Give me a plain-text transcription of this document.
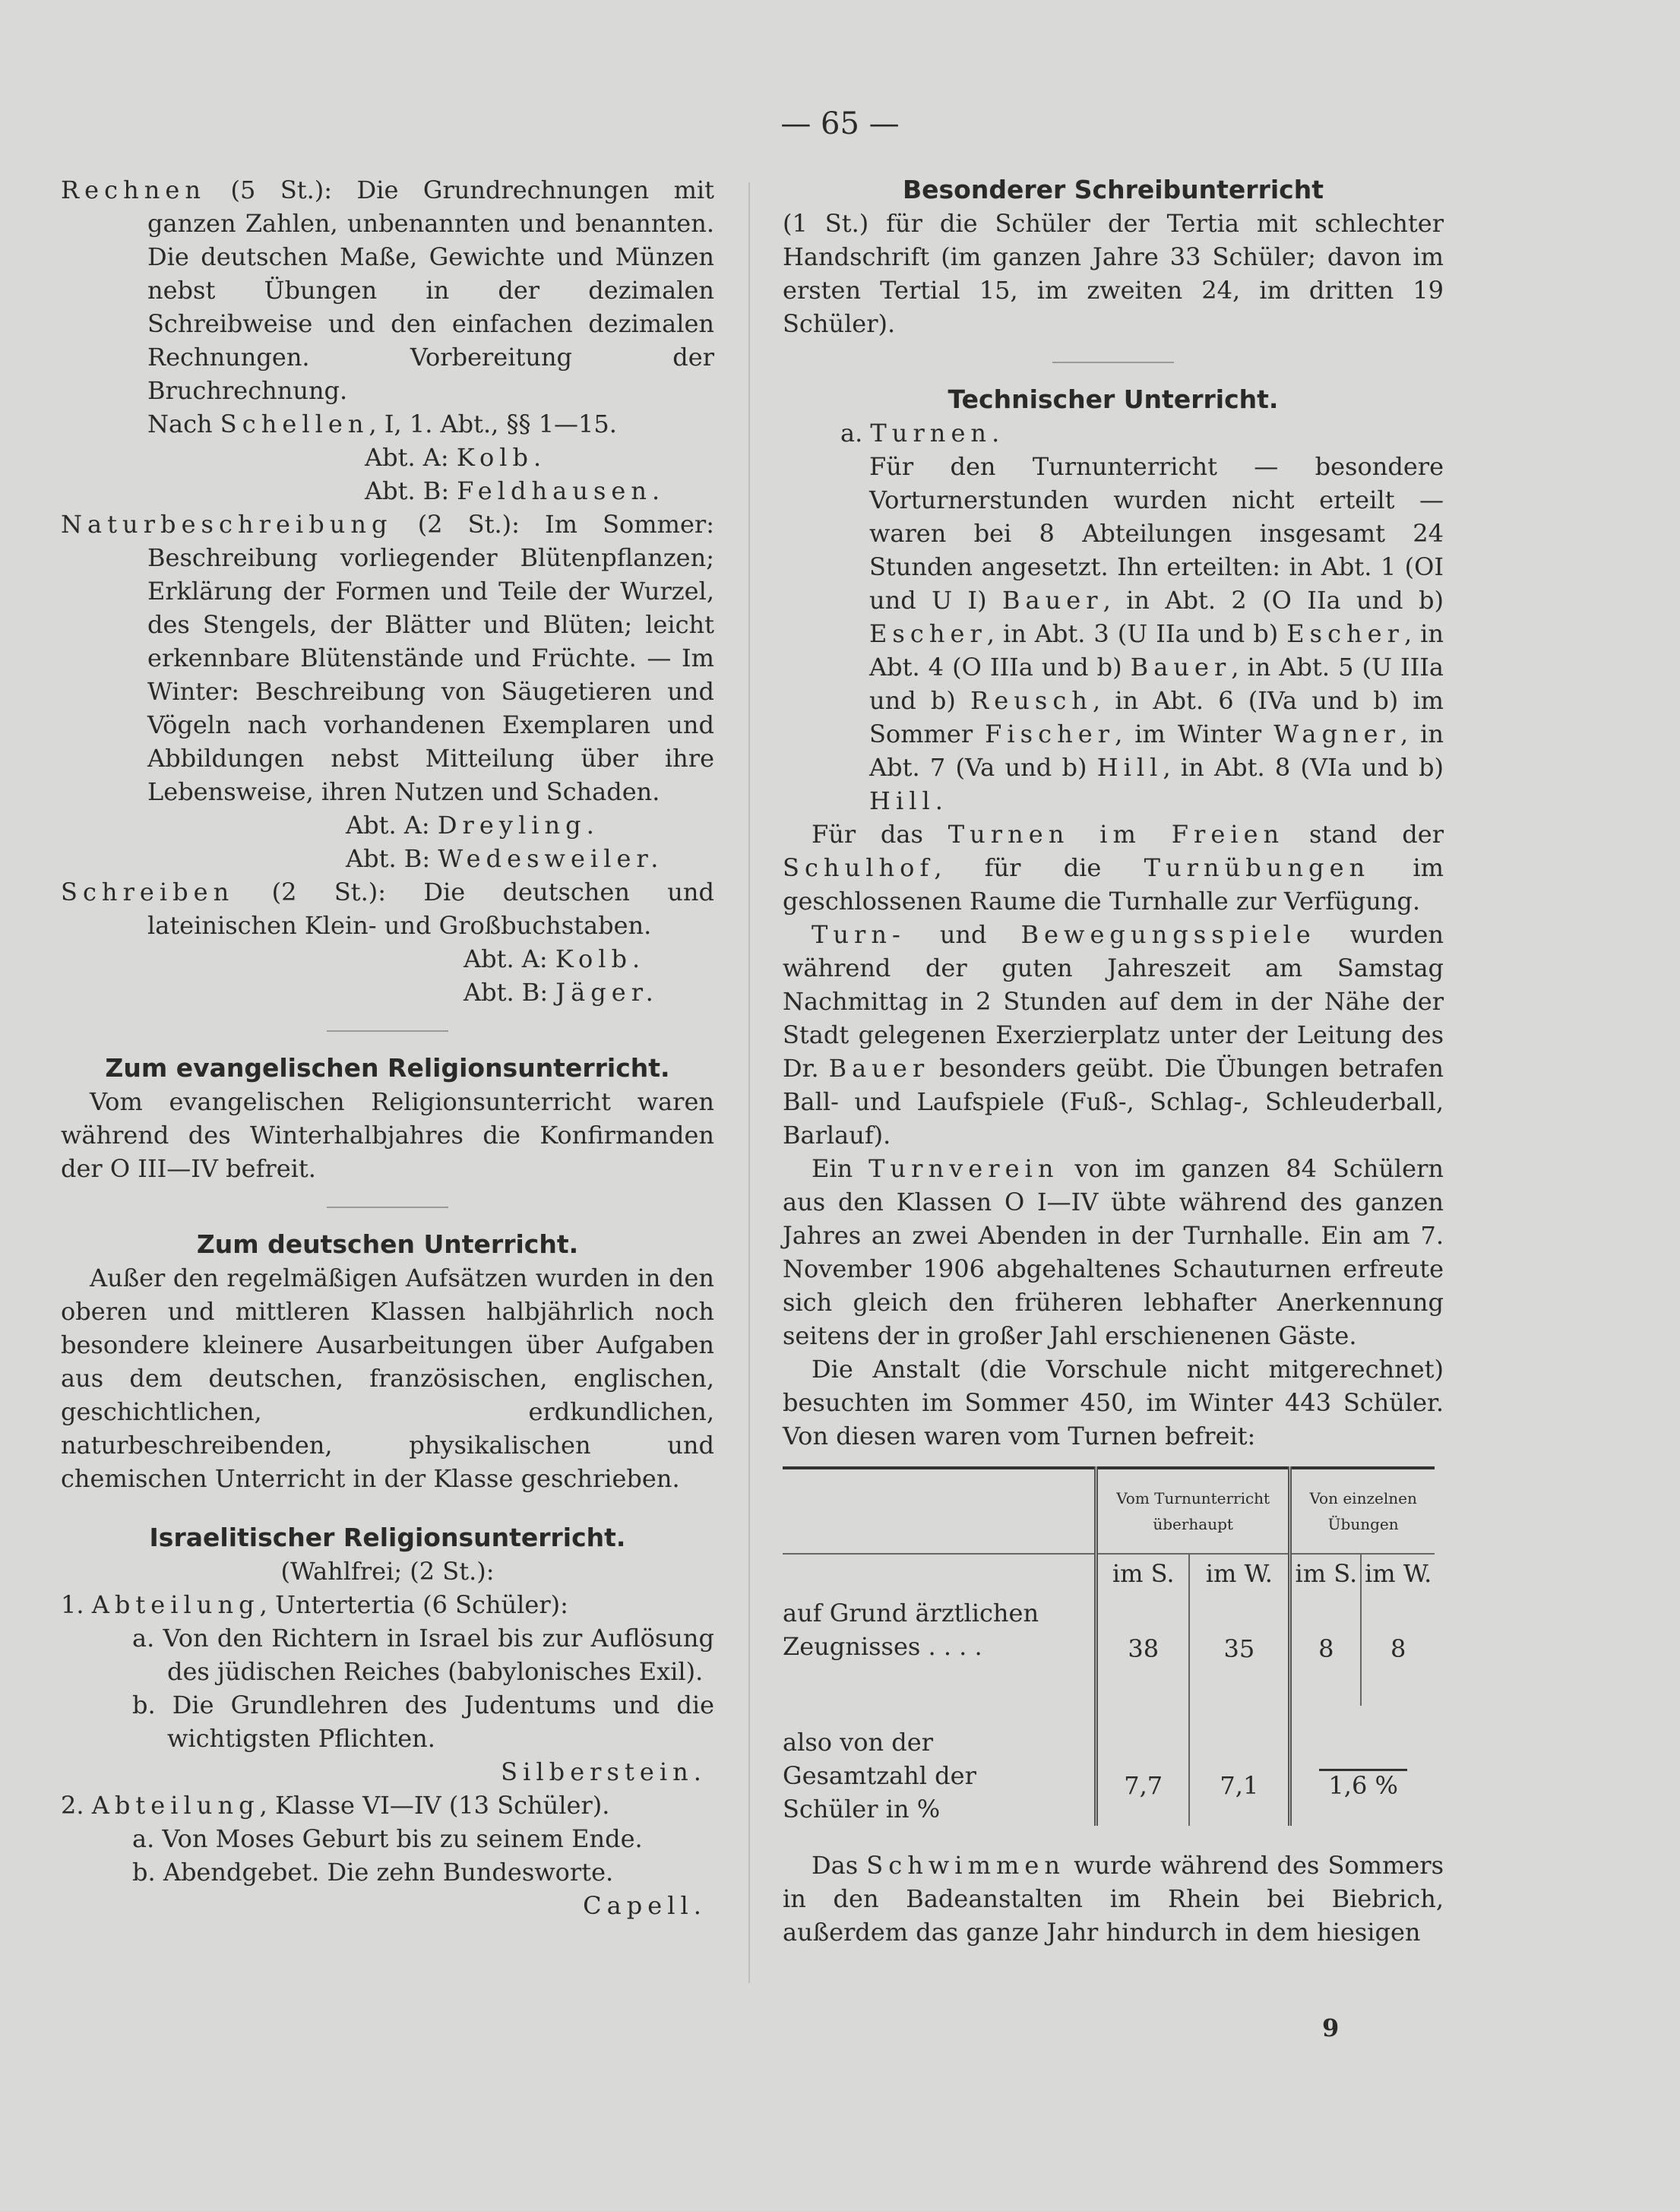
— 65 —

Rechnen (5 St.): Die Grundrechnungen mit ganzen Zahlen, unbenannten und benannten. Die deutschen Maße, Gewichte und Münzen nebst Übungen in der dezimalen Schreibweise und den einfachen dezimalen Rechnungen. Vorbereitung der Bruchrechnung.
Nach Schellen, I, 1. Abt., §§ 1—15.

Abt. A: Kolb.

Abt. B: Feldhausen.

Naturbeschreibung (2 St.): Im Sommer: Beschreibung vorliegender Blütenpflanzen; Erklärung der Formen und Teile der Wurzel, des Stengels, der Blätter und Blüten; leicht erkennbare Blütenstände und Früchte. — Im Winter: Beschreibung von Säugetieren und Vögeln nach vorhandenen Exemplaren und Abbildungen nebst Mitteilung über ihre Lebensweise, ihren Nutzen und Schaden.

Abt. A: Dreyling.

Abt. B: Wedesweiler.

Schreiben (2 St.): Die deutschen und lateinischen Klein- und Großbuchstaben.

Abt. A: Kolb.

Abt. B: Jäger.

Zum evangelischen Religionsunterricht.

Vom evangelischen Religionsunterricht waren während des Winterhalbjahres die Konfirmanden der O III—IV befreit.

Zum deutschen Unterricht.

Außer den regelmäßigen Aufsätzen wurden in den oberen und mittleren Klassen halbjährlich noch besondere kleinere Ausarbeitungen über Aufgaben aus dem deutschen, französischen, englischen, geschichtlichen, erdkundlichen, naturbeschreibenden, physikalischen und chemischen Unterricht in der Klasse geschrieben.

Israelitischer Religionsunterricht.

(Wahlfrei; (2 St.):

1. Abteilung, Untertertia (6 Schüler):

a. Von den Richtern in Israel bis zur Auflösung des jüdischen Reiches (babylonisches Exil).

b. Die Grundlehren des Judentums und die wichtigsten Pflichten.

Silberstein.

2. Abteilung, Klasse VI—IV (13 Schüler).

a. Von Moses Geburt bis zu seinem Ende.

b. Abendgebet. Die zehn Bundesworte.

Capell.

Besonderer Schreibunterricht

(1 St.) für die Schüler der Tertia mit schlechter Handschrift (im ganzen Jahre 33 Schüler; davon im ersten Tertial 15, im zweiten 24, im dritten 19 Schüler).

Technischer Unterricht.

a. Turnen.

Für den Turnunterricht — besondere Vorturnerstunden wurden nicht erteilt — waren bei 8 Abteilungen insgesamt 24 Stunden angesetzt. Ihn erteilten: in Abt. 1 (OI und U I) Bauer, in Abt. 2 (O IIa und b) Escher, in Abt. 3 (U IIa und b) Escher, in Abt. 4 (O IIIa und b) Bauer, in Abt. 5 (U IIIa und b) Reusch, in Abt. 6 (IVa und b) im Sommer Fischer, im Winter Wagner, in Abt. 7 (Va und b) Hill, in Abt. 8 (VIa und b) Hill.

Für das Turnen im Freien stand der Schulhof, für die Turnübungen im geschlossenen Raume die Turnhalle zur Verfügung.

Turn- und Bewegungsspiele wurden während der guten Jahreszeit am Samstag Nachmittag in 2 Stunden auf dem in der Nähe der Stadt gelegenen Exerzierplatz unter der Leitung des Dr. Bauer besonders geübt. Die Übungen betrafen Ball- und Laufspiele (Fuß-, Schlag-, Schleuderball, Barlauf).

Ein Turnverein von im ganzen 84 Schülern aus den Klassen O I—IV übte während des ganzen Jahres an zwei Abenden in der Turnhalle. Ein am 7. November 1906 abgehaltenes Schauturnen erfreute sich gleich den früheren lebhafter Anerkennung seitens der in großer Jahl erschienenen Gäste.

Die Anstalt (die Vorschule nicht mitgerechnet) besuchten im Sommer 450, im Winter 443 Schüler. Von diesen waren vom Turnen befreit:

	Vom Turnunterricht überhaupt		Von einzelnen Übungen	
	im S.	im W.	im S.	im W.
auf Grund ärztlichen Zeugnisses . . . .	38	35	8	8
also von der Gesamtzahl der Schüler in %	7,7	7,1	1,6 %	

Das Schwimmen wurde während des Sommers in den Badeanstalten im Rhein bei Biebrich, außerdem das ganze Jahr hindurch in dem hiesigen

9
